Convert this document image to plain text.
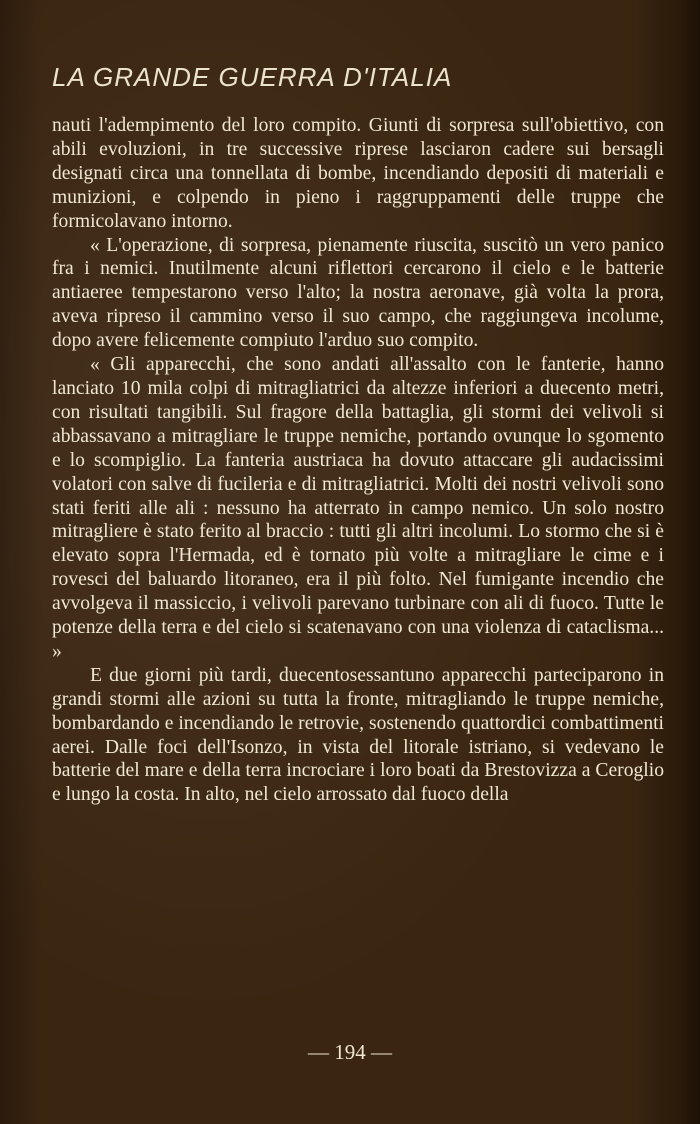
LA GRANDE GUERRA D'ITALIA

nauti l'adempimento del loro compito. Giunti di sorpresa sull'obiettivo, con abili evoluzioni, in tre successive riprese lasciaron cadere sui bersagli designati circa una tonnellata di bombe, incendiando depositi di materiali e munizioni, e colpendo in pieno i raggruppamenti delle truppe che formicolavano intorno.

« L'operazione, di sorpresa, pienamente riuscita, suscitò un vero panico fra i nemici. Inutilmente alcuni riflettori cercarono il cielo e le batterie antiaeree tempestarono verso l'alto; la nostra aeronave, già volta la prora, aveva ripreso il cammino verso il suo campo, che raggiungeva incolume, dopo avere felicemente compiuto l'arduo suo compito.

« Gli apparecchi, che sono andati all'assalto con le fanterie, hanno lanciato 10 mila colpi di mitragliatrici da altezze inferiori a duecento metri, con risultati tangibili. Sul fragore della battaglia, gli stormi dei velivoli si abbassavano a mitragliare le truppe nemiche, portando ovunque lo sgomento e lo scompiglio. La fanteria austriaca ha dovuto attaccare gli audacissimi volatori con salve di fucileria e di mitragliatrici. Molti dei nostri velivoli sono stati feriti alle ali : nessuno ha atterrato in campo nemico. Un solo nostro mitragliere è stato ferito al braccio : tutti gli altri incolumi. Lo stormo che si è elevato sopra l'Hermada, ed è tornato più volte a mitragliare le cime e i rovesci del baluardo litoraneo, era il più folto. Nel fumigante incendio che avvolgeva il massiccio, i velivoli parevano turbinare con ali di fuoco. Tutte le potenze della terra e del cielo si scatenavano con una violenza di cataclisma... »

E due giorni più tardi, duecentosessantuno apparecchi parteciparono in grandi stormi alle azioni su tutta la fronte, mitragliando le truppe nemiche, bombardando e incendiando le retrovie, sostenendo quattordici combattimenti aerei. Dalle foci dell'Isonzo, in vista del litorale istriano, si vedevano le batterie del mare e della terra incrociare i loro boati da Brestovizza a Ceroglio e lungo la costa. In alto, nel cielo arrossato dal fuoco della

— 194 —
